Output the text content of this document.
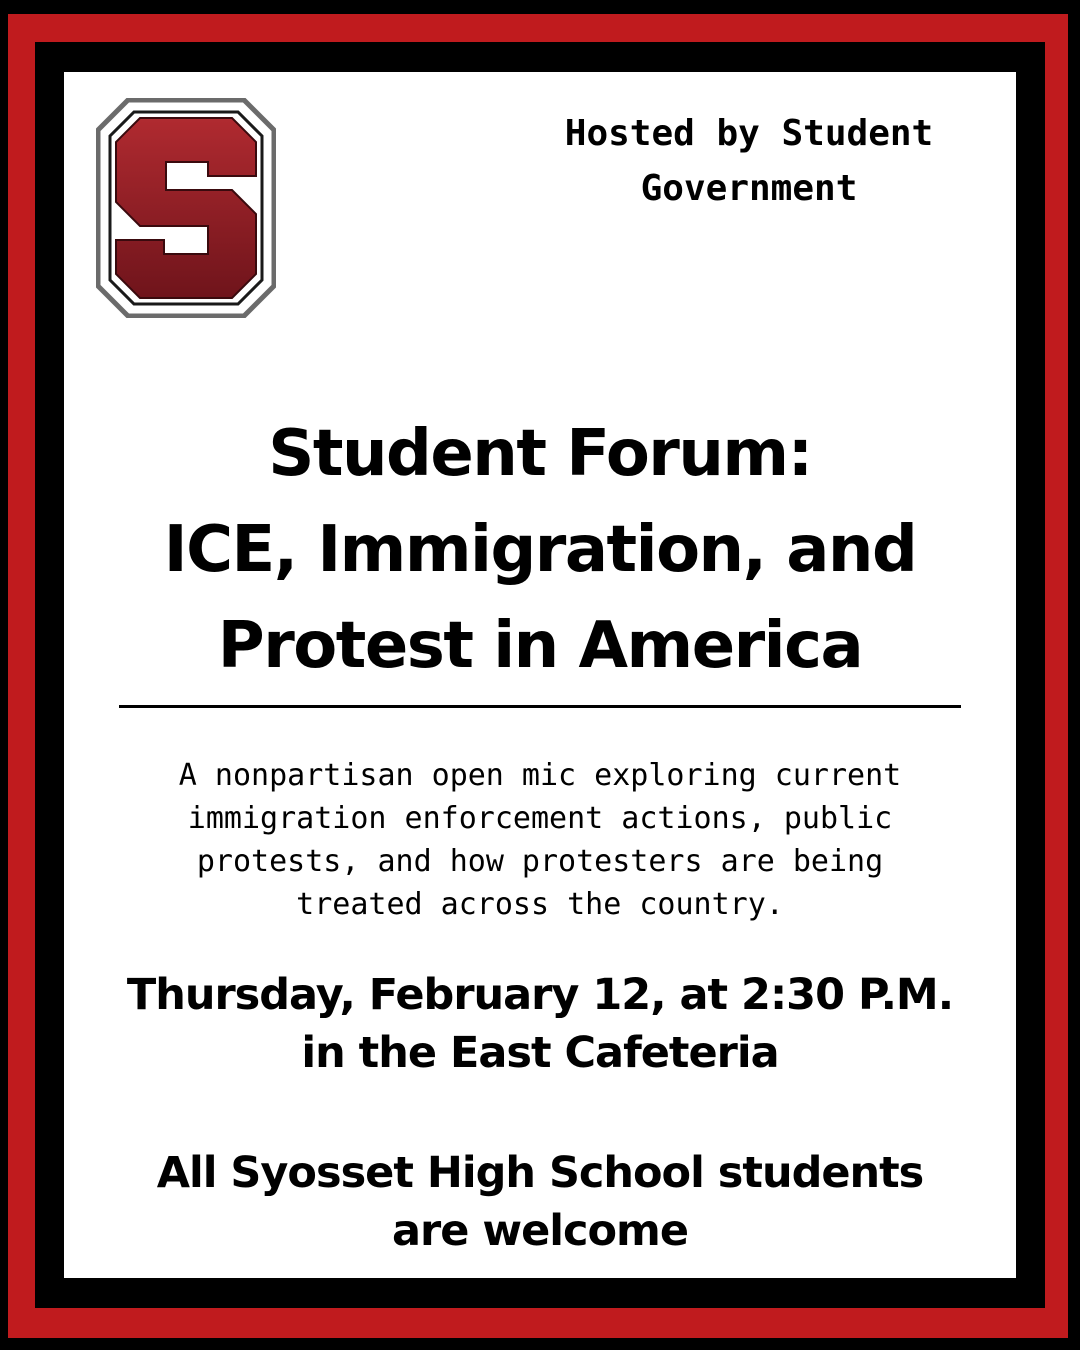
Hosted by Student
Government
Student Forum:
ICE, Immigration, and
Protest in America
A nonpartisan open mic exploring current
immigration enforcement actions, public
protests, and how protesters are being
treated across the country.
Thursday, February 12, at 2:30 P.M.
in the East Cafeteria
All Syosset High School students
are welcome
